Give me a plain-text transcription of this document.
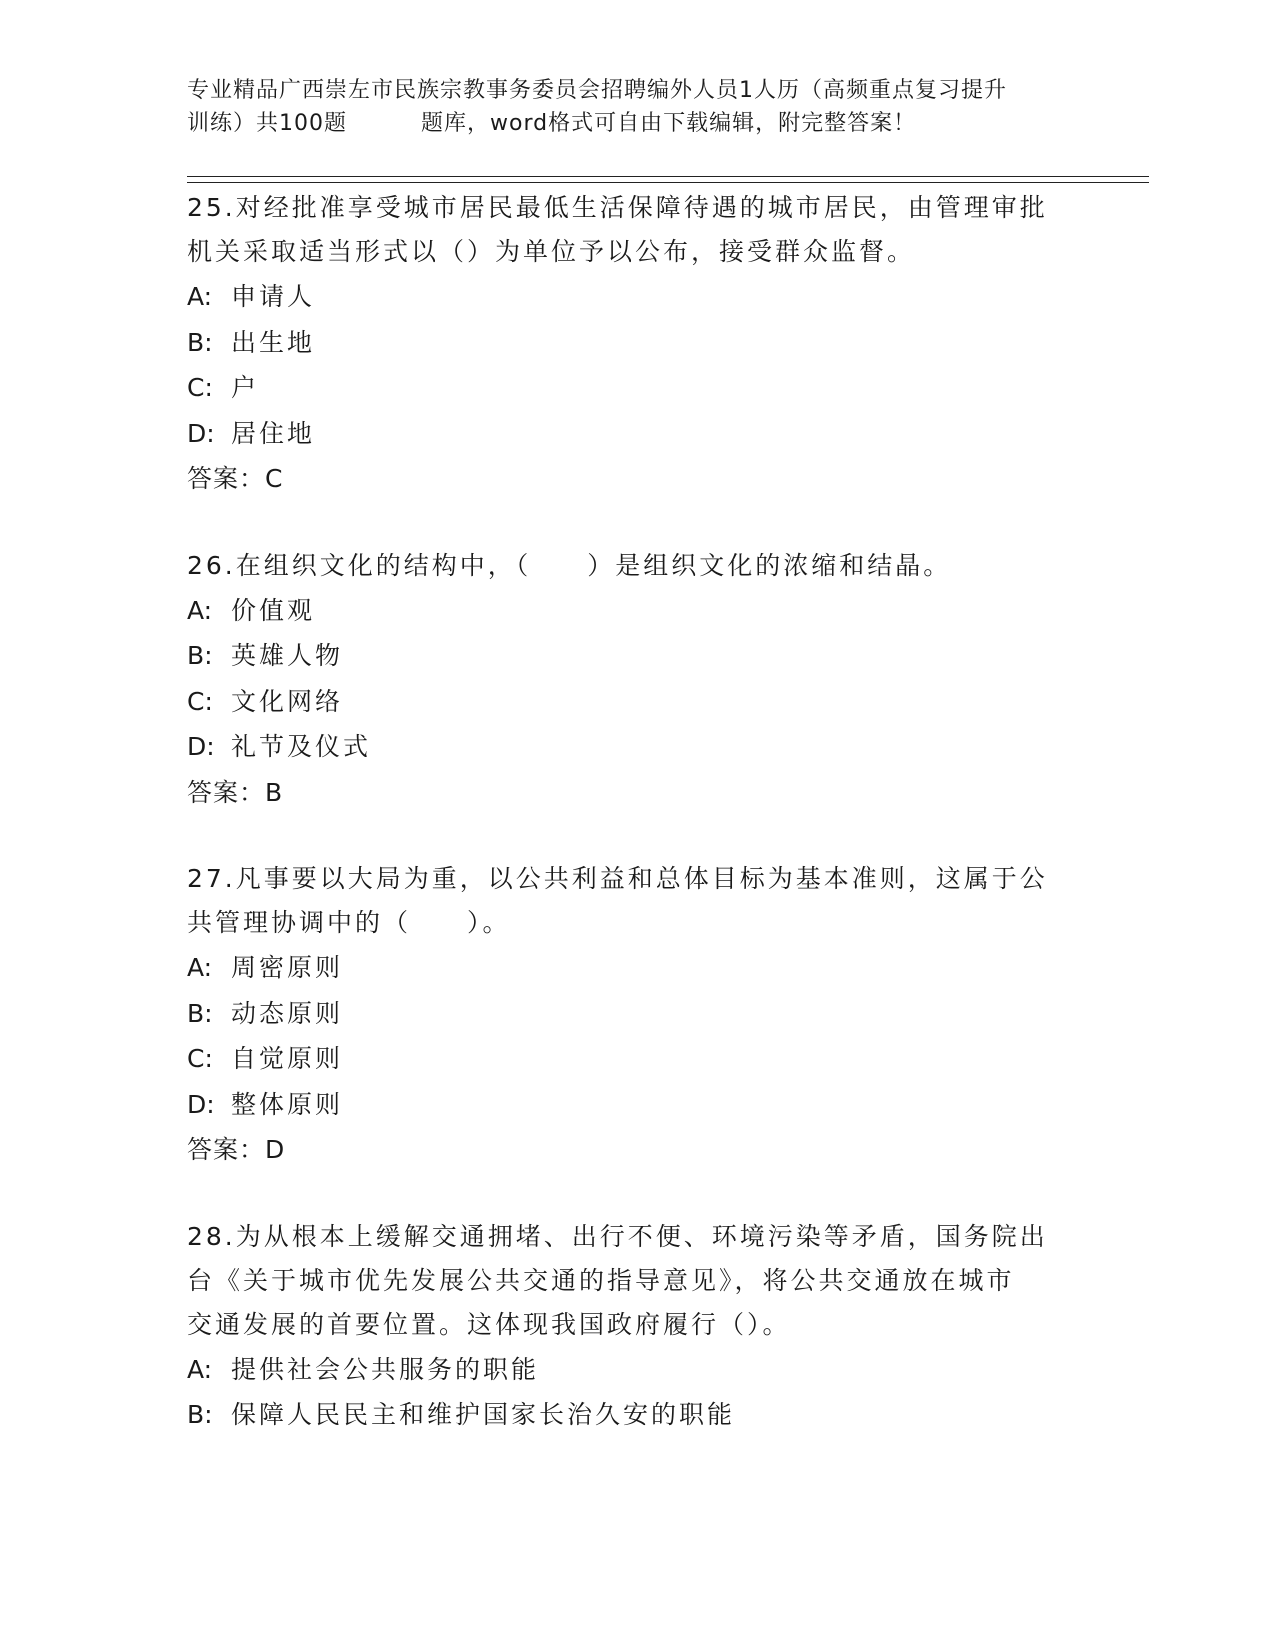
专业精品广西崇左市民族宗教事务委员会招聘编外人员1人历（高频重点复习提升
训练）共100题	题库，word格式可自由下载编辑，附完整答案！
25.对经批准享受城市居民最低生活保障待遇的城市居民，由管理审批
机关采取适当形式以（）为单位予以公布，接受群众监督。
A: 申请人
B: 出生地
C: 户
D: 居住地
答案：C
26.在组织文化的结构中，（　　）是组织文化的浓缩和结晶。
A: 价值观
B: 英雄人物
C: 文化网络
D: 礼节及仪式
答案：B
27.凡事要以大局为重，以公共利益和总体目标为基本准则，这属于公
共管理协调中的（　　）。
A: 周密原则
B: 动态原则
C: 自觉原则
D: 整体原则
答案：D
28.为从根本上缓解交通拥堵、出行不便、环境污染等矛盾，国务院出
台《关于城市优先发展公共交通的指导意见》，将公共交通放在城市
交通发展的首要位置。这体现我国政府履行（）。
A: 提供社会公共服务的职能
B: 保障人民民主和维护国家长治久安的职能
